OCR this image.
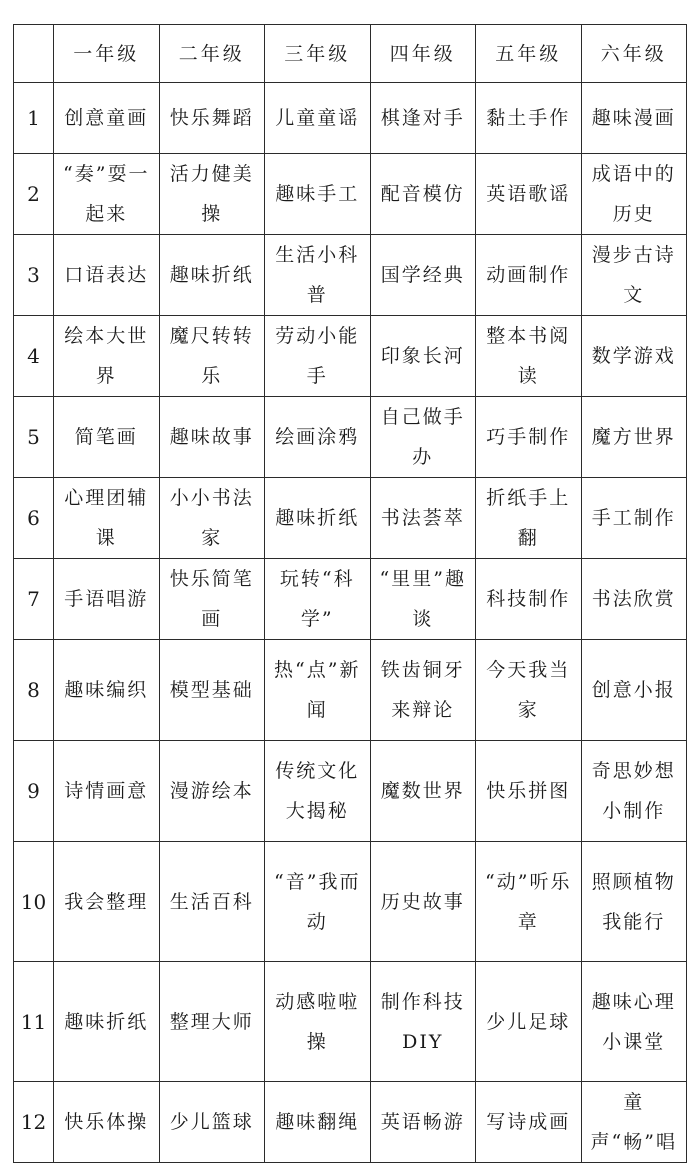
	一年级	二年级	三年级	四年级	五年级	六年级
1	创意童画	快乐舞蹈	儿童童谣	棋逢对手	黏土手作	趣味漫画
2	“奏”耍一起来	活力健美操	趣味手工	配音模仿	英语歌谣	成语中的历史
3	口语表达	趣味折纸	生活小科普	国学经典	动画制作	漫步古诗文
4	绘本大世界	魔尺转转乐	劳动小能手	印象长河	整本书阅读	数学游戏
5	简笔画	趣味故事	绘画涂鸦	自己做手办	巧手制作	魔方世界
6	心理团辅课	小小书法家	趣味折纸	书法荟萃	折纸手上翻	手工制作
7	手语唱游	快乐简笔画	玩转“科学”	“里里”趣谈	科技制作	书法欣赏
8	趣味编织	模型基础	热“点”新闻	铁齿铜牙来辩论	今天我当家	创意小报
9	诗情画意	漫游绘本	传统文化大揭秘	魔数世界	快乐拼图	奇思妙想小制作
10	我会整理	生活百科	“音”我而动	历史故事	“动”听乐章	照顾植物我能行
11	趣味折纸	整理大师	动感啦啦操	制作科技DIY	少儿足球	趣味心理小课堂
12	快乐体操	少儿篮球	趣味翻绳	英语畅游	写诗成画	童声“畅”唱
